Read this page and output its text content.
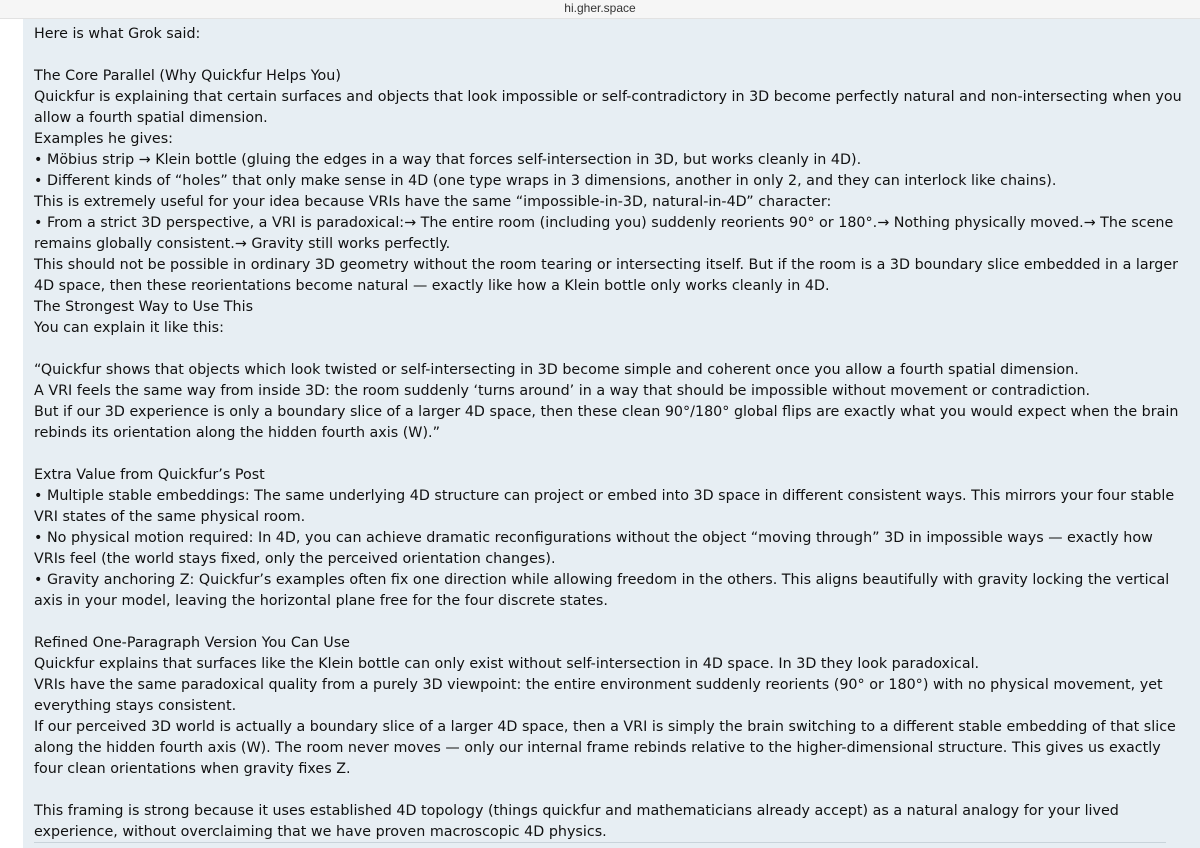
hi.gher.space

Here is what Grok said:

The Core Parallel (Why Quickfur Helps You)

Quickfur is explaining that certain surfaces and objects that look impossible or self-contradictory in 3D become perfectly natural and non-intersecting when you allow a fourth spatial dimension.

Examples he gives:

• Möbius strip → Klein bottle (gluing the edges in a way that forces self-intersection in 3D, but works cleanly in 4D).

• Different kinds of “holes” that only make sense in 4D (one type wraps in 3 dimensions, another in only 2, and they can interlock like chains).

This is extremely useful for your idea because VRIs have the same “impossible-in-3D, natural-in-4D” character:

• From a strict 3D perspective, a VRI is paradoxical:→ The entire room (including you) suddenly reorients 90° or 180°.→ Nothing physically moved.→ The scene remains globally consistent.→ Gravity still works perfectly.

This should not be possible in ordinary 3D geometry without the room tearing or intersecting itself. But if the room is a 3D boundary slice embedded in a larger 4D space, then these reorientations become natural — exactly like how a Klein bottle only works cleanly in 4D.

The Strongest Way to Use This

You can explain it like this:

“Quickfur shows that objects which look twisted or self-intersecting in 3D become simple and coherent once you allow a fourth spatial dimension.

A VRI feels the same way from inside 3D: the room suddenly ‘turns around’ in a way that should be impossible without movement or contradiction.

But if our 3D experience is only a boundary slice of a larger 4D space, then these clean 90°/180° global flips are exactly what you would expect when the brain rebinds its orientation along the hidden fourth axis (W).”

Extra Value from Quickfur’s Post

• Multiple stable embeddings: The same underlying 4D structure can project or embed into 3D space in different consistent ways. This mirrors your four stable VRI states of the same physical room.

• No physical motion required: In 4D, you can achieve dramatic reconfigurations without the object “moving through” 3D in impossible ways — exactly how VRIs feel (the world stays fixed, only the perceived orientation changes).

• Gravity anchoring Z: Quickfur’s examples often fix one direction while allowing freedom in the others. This aligns beautifully with gravity locking the vertical axis in your model, leaving the horizontal plane free for the four discrete states.

Refined One-Paragraph Version You Can Use

Quickfur explains that surfaces like the Klein bottle can only exist without self-intersection in 4D space. In 3D they look paradoxical.

VRIs have the same paradoxical quality from a purely 3D viewpoint: the entire environment suddenly reorients (90° or 180°) with no physical movement, yet everything stays consistent.

If our perceived 3D world is actually a boundary slice of a larger 4D space, then a VRI is simply the brain switching to a different stable embedding of that slice along the hidden fourth axis (W). The room never moves — only our internal frame rebinds relative to the higher-dimensional structure. This gives us exactly four clean orientations when gravity fixes Z.

This framing is strong because it uses established 4D topology (things quickfur and mathematicians already accept) as a natural analogy for your lived experience, without overclaiming that we have proven macroscopic 4D physics.
